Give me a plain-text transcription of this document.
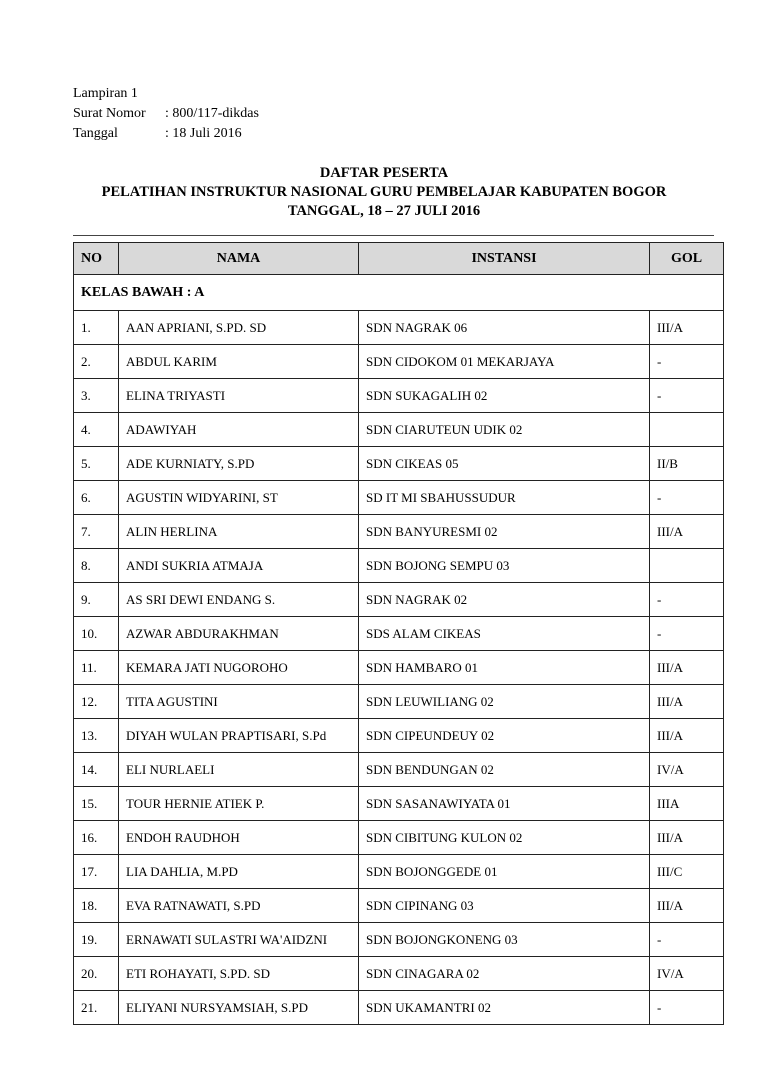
Lampiran 1
Surat Nomor	: 800/117-dikdas
Tanggal	: 18 Juli 2016
DAFTAR PESERTA
PELATIHAN INSTRUKTUR NASIONAL GURU PEMBELAJAR KABUPATEN BOGOR
TANGGAL, 18 – 27 JULI 2016
NO	NAMA	INSTANSI	GOL
KELAS BAWAH : A			
1.	AAN APRIANI, S.PD. SD	SDN NAGRAK 06	III/A
2.	ABDUL KARIM	SDN CIDOKOM 01 MEKARJAYA	-
3.	ELINA TRIYASTI	SDN SUKAGALIH 02	-
4.	ADAWIYAH	SDN CIARUTEUN UDIK 02	
5.	ADE KURNIATY, S.PD	SDN CIKEAS 05	II/B
6.	AGUSTIN WIDYARINI, ST	SD IT MI SBAHUSSUDUR	-
7.	ALIN HERLINA	SDN BANYURESMI 02	III/A
8.	ANDI SUKRIA ATMAJA	SDN BOJONG SEMPU 03	
9.	AS SRI DEWI ENDANG S.	SDN NAGRAK 02	-
10.	AZWAR ABDURAKHMAN	SDS ALAM CIKEAS	-
11.	KEMARA JATI NUGOROHO	SDN HAMBARO 01	III/A
12.	TITA AGUSTINI	SDN LEUWILIANG 02	III/A
13.	DIYAH WULAN PRAPTISARI, S.Pd	SDN CIPEUNDEUY 02	III/A
14.	ELI NURLAELI	SDN BENDUNGAN 02	IV/A
15.	TOUR HERNIE ATIEK P.	SDN SASANAWIYATA 01	IIIA
16.	ENDOH RAUDHOH	SDN CIBITUNG KULON 02	III/A
17.	LIA DAHLIA, M.PD	SDN BOJONGGEDE 01	III/C
18.	EVA RATNAWATI, S.PD	SDN CIPINANG 03	III/A
19.	ERNAWATI SULASTRI WA'AIDZNI	SDN BOJONGKONENG 03	-
20.	ETI ROHAYATI, S.PD. SD	SDN CINAGARA 02	IV/A
21.	ELIYANI NURSYAMSIAH, S.PD	SDN UKAMANTRI 02	-
